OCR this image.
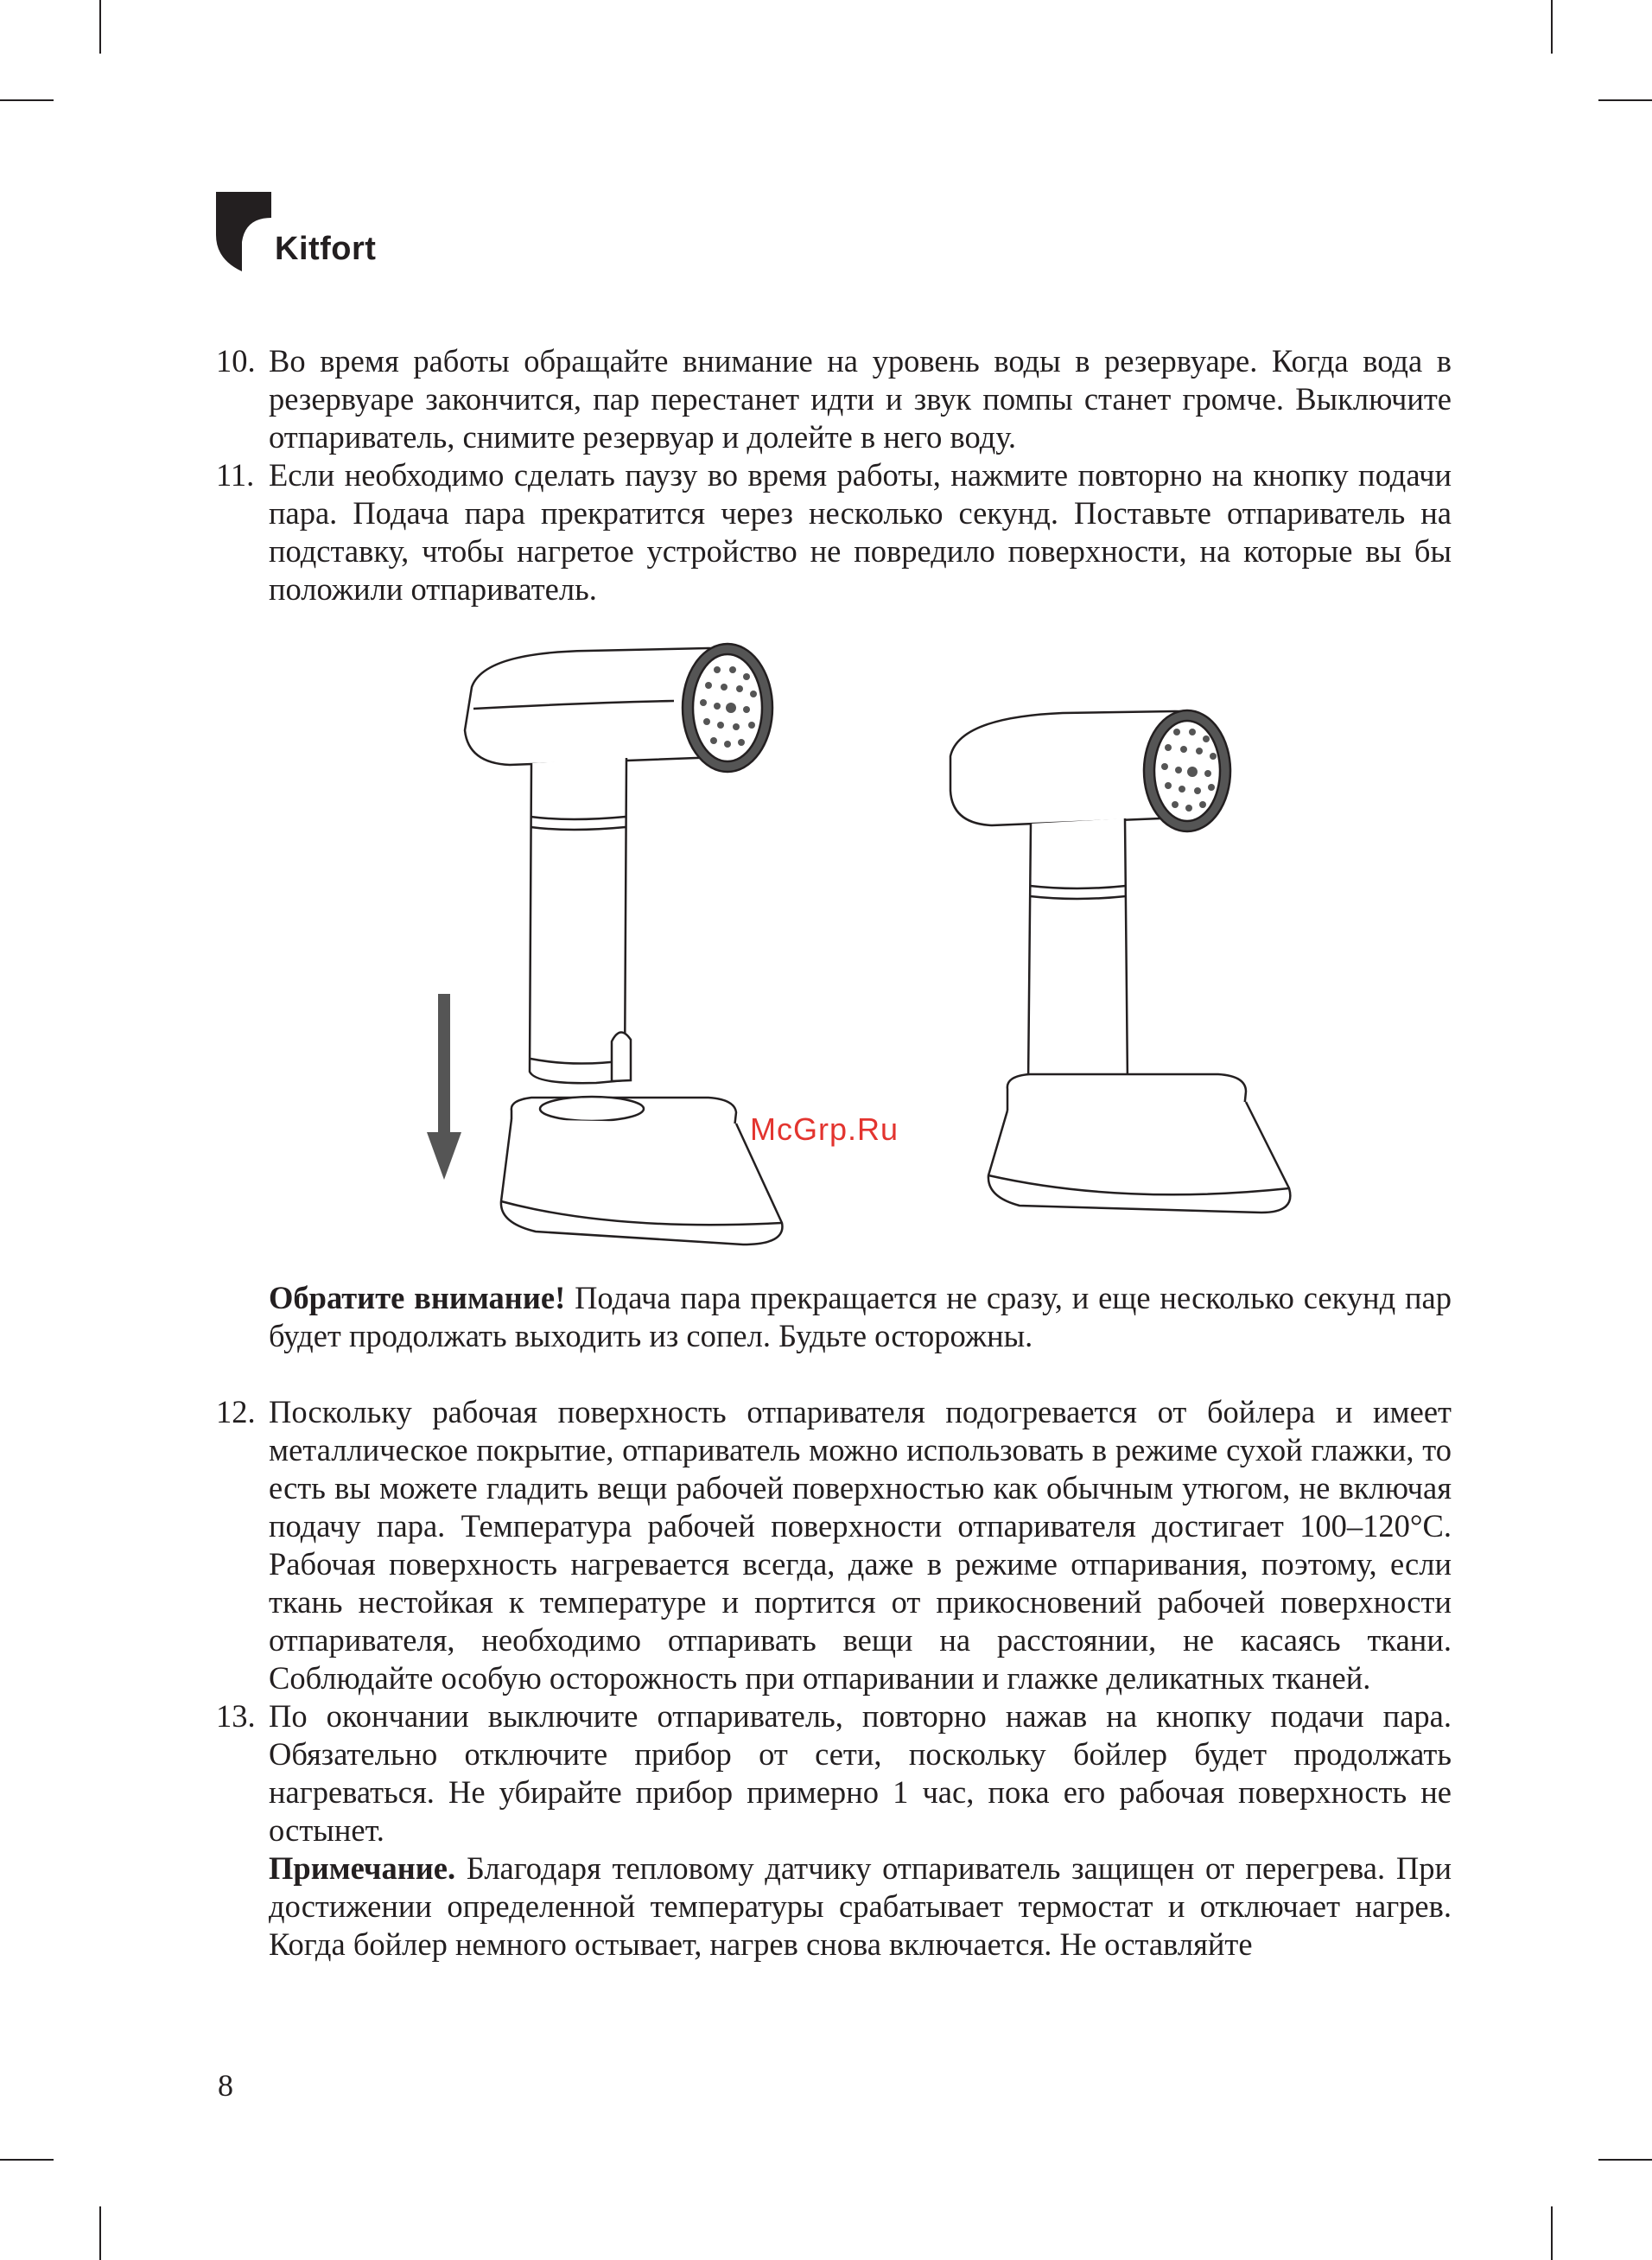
Kitfort
10. Во время работы обращайте внимание на уровень воды в резервуаре. Когда вода в резервуаре закончится, пар перестанет идти и звук помпы станет громче. Выключите отпариватель, снимите резервуар и долейте в него воду.

11. Если необходимо сделать паузу во время работы, нажмите повторно на кнопку подачи пара. Подача пара прекратится через несколько секунд. Поставьте отпариватель на подставку, чтобы нагретое устройство не повредило поверхности, на которые вы бы положили отпариватель.

McGrp.Ru
Обратите внимание! Подача пара прекращается не сразу, и еще несколько секунд пар будет продолжать выходить из сопел. Будьте осторожны.
12. Поскольку рабочая поверхность отпаривателя подогревается от бойлера и имеет металлическое покрытие, отпариватель можно использовать в режиме сухой глажки, то есть вы можете гладить вещи рабочей поверхностью как обычным утюгом, не включая подачу пара. Температура рабочей поверхности отпаривателя достигает 100–120°C. Рабочая поверхность нагревается всегда, даже в режиме отпаривания, поэтому, если ткань нестойкая к температуре и портится от прикосновений рабочей поверхности отпаривателя, необходимо отпаривать вещи на расстоянии, не касаясь ткани. Соблюдайте особую осторожность при отпаривании и глажке деликатных тканей.

13. По окончании выключите отпариватель, повторно нажав на кнопку подачи пара. Обязательно отключите прибор от сети, поскольку бойлер будет продолжать нагреваться. Не убирайте прибор примерно 1 час, пока его рабочая поверхность не остынет.

Примечание. Благодаря тепловому датчику отпариватель защищен от перегрева. При достижении определенной температуры срабатывает термостат и отключает нагрев. Когда бойлер немного остывает, нагрев снова включается. Не оставляйте
8
